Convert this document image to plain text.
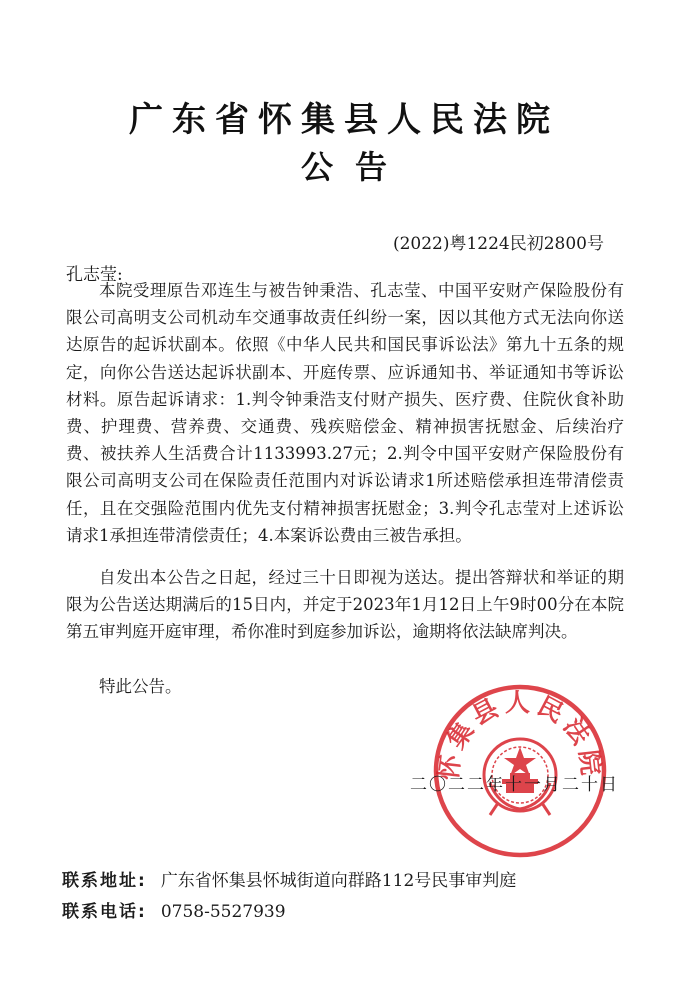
广东省怀集县人民法院
公告
(2022)粤1224民初2800号
孔志莹:

本院受理原告邓连生与被告钟秉浩、孔志莹、中国平安财产保险股份有限公司高明支公司机动车交通事故责任纠纷一案，因以其他方式无法向你送达原告的起诉状副本。依照《中华人民共和国民事诉讼法》第九十五条的规定，向你公告送达起诉状副本、开庭传票、应诉通知书、举证通知书等诉讼材料。原告起诉请求：1.判令钟秉浩支付财产损失、医疗费、住院伙食补助费、护理费、营养费、交通费、残疾赔偿金、精神损害抚慰金、后续治疗费、被扶养人生活费合计1133993.27元；2.判令中国平安财产保险股份有限公司高明支公司在保险责任范围内对诉讼请求1所述赔偿承担连带清偿责任，且在交强险范围内优先支付精神损害抚慰金；3.判令孔志莹对上述诉讼请求1承担连带清偿责任；4.本案诉讼费由三被告承担。

自发出本公告之日起，经过三十日即视为送达。提出答辩状和举证的期限为公告送达期满后的15日内，并定于2023年1月12日上午9时00分在本院第五审判庭开庭审理，希你准时到庭参加诉讼，逾期将依法缺席判决。

特此公告。

怀集县人民法院
二〇二二年十一月二十日
联系地址: 广东省怀集县怀城街道向群路112号民事审判庭
联系电话: 0758-5527939
